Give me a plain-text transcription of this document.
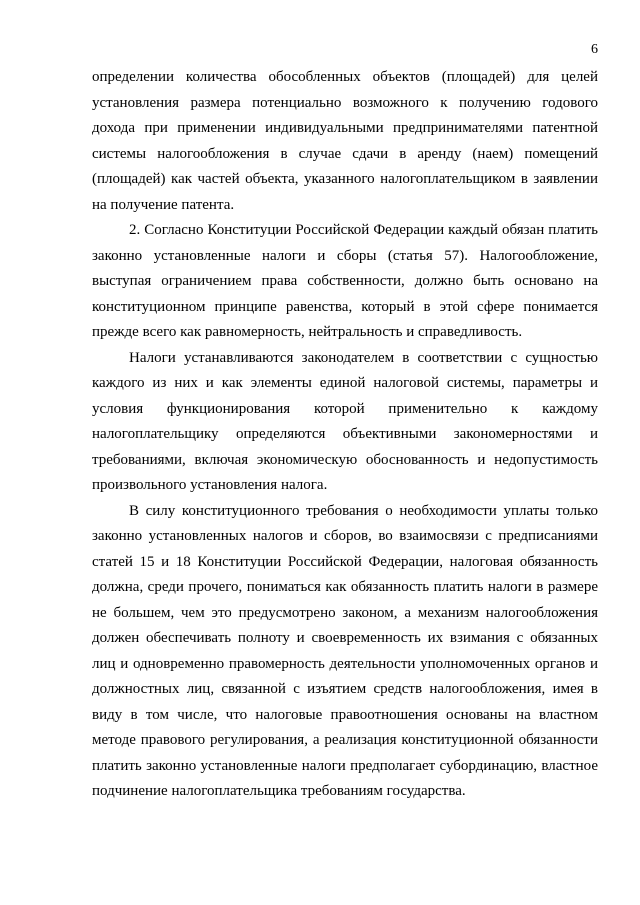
6

определении количества обособленных объектов (площадей) для целей установления размера потенциально возможного к получению годового дохода при применении индивидуальными предпринимателями патентной системы налогообложения в случае сдачи в аренду (наем) помещений (площадей) как частей объекта, указанного налогоплательщиком в заявлении на получение патента.

2. Согласно Конституции Российской Федерации каждый обязан платить законно установленные налоги и сборы (статья 57). Налогообложение, выступая ограничением права собственности, должно быть основано на конституционном принципе равенства, который в этой сфере понимается прежде всего как равномерность, нейтральность и справедливость.

Налоги устанавливаются законодателем в соответствии с сущностью каждого из них и как элементы единой налоговой системы, параметры и условия функционирования которой применительно к каждому налогоплательщику определяются объективными закономерностями и требованиями, включая экономическую обоснованность и недопустимость произвольного установления налога.

В силу конституционного требования о необходимости уплаты только законно установленных налогов и сборов, во взаимосвязи с предписаниями статей 15 и 18 Конституции Российской Федерации, налоговая обязанность должна, среди прочего, пониматься как обязанность платить налоги в размере не большем, чем это предусмотрено законом, а механизм налогообложения должен обеспечивать полноту и своевременность их взимания с обязанных лиц и одновременно правомерность деятельности уполномоченных органов и должностных лиц, связанной с изъятием средств налогообложения, имея в виду в том числе, что налоговые правоотношения основаны на властном методе правового регулирования, а реализация конституционной обязанности платить законно установленные налоги предполагает субординацию, властное подчинение налогоплательщика требованиям государства.
